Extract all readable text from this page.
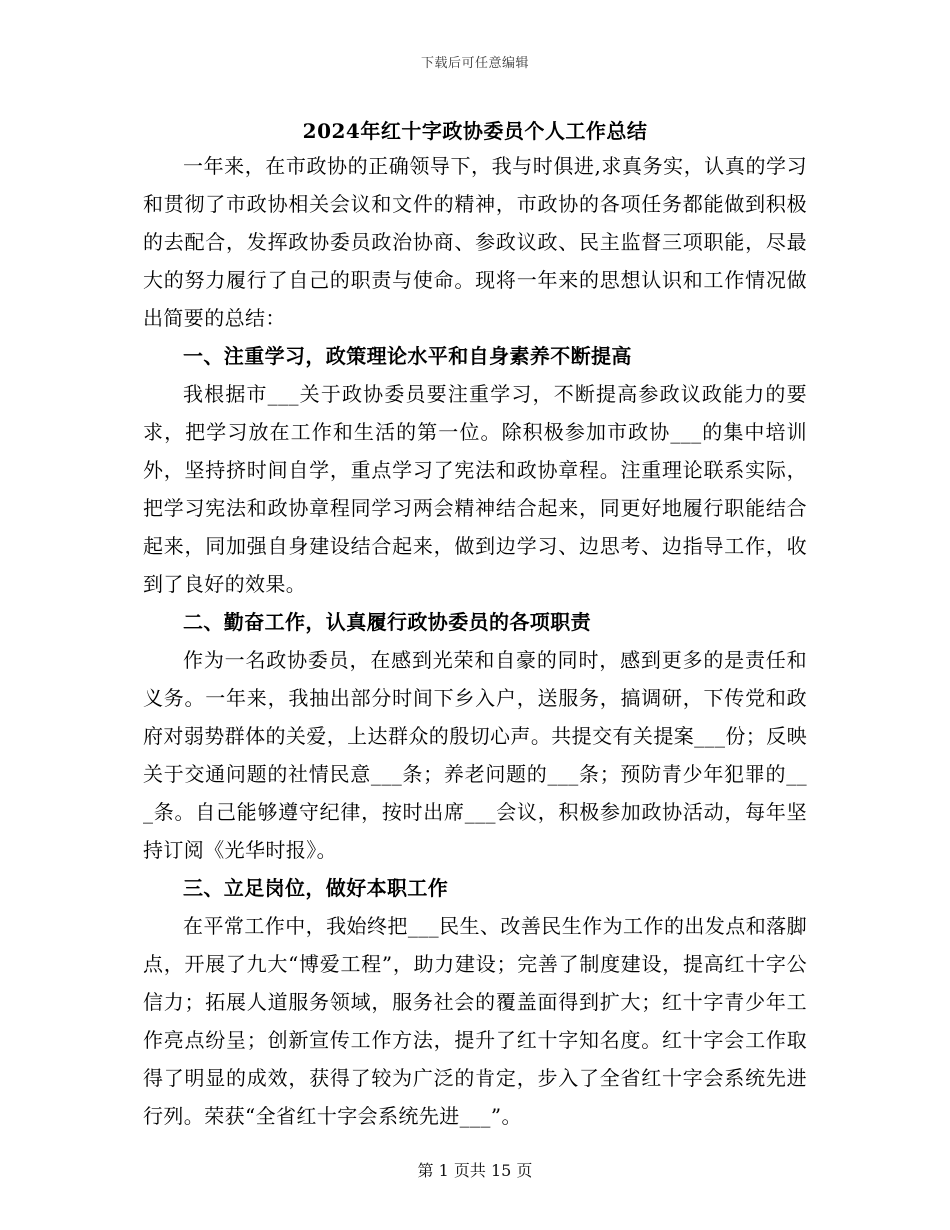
下载后可任意编辑
2024年红十字政协委员个人工作总结

一年来，在市政协的正确领导下，我与时俱进,求真务实，认真的学习和贯彻了市政协相关会议和文件的精神，市政协的各项任务都能做到积极的去配合，发挥政协委员政治协商、参政议政、民主监督三项职能，尽最大的努力履行了自己的职责与使命。现将一年来的思想认识和工作情况做出简要的总结：

一、注重学习，政策理论水平和自身素养不断提高

我根据市___关于政协委员要注重学习，不断提高参政议政能力的要求，把学习放在工作和生活的第一位。除积极参加市政协___的集中培训外，坚持挤时间自学，重点学习了宪法和政协章程。注重理论联系实际，把学习宪法和政协章程同学习两会精神结合起来，同更好地履行职能结合起来，同加强自身建设结合起来，做到边学习、边思考、边指导工作，收到了良好的效果。

二、勤奋工作，认真履行政协委员的各项职责

作为一名政协委员，在感到光荣和自豪的同时，感到更多的是责任和义务。一年来，我抽出部分时间下乡入户，送服务，搞调研，下传党和政府对弱势群体的关爱，上达群众的殷切心声。共提交有关提案___份；反映关于交通问题的社情民意___条；养老问题的___条；预防青少年犯罪的___条。自己能够遵守纪律，按时出席___会议，积极参加政协活动，每年坚持订阅《光华时报》。

三、立足岗位，做好本职工作

在平常工作中，我始终把___民生、改善民生作为工作的出发点和落脚点，开展了九大“博爱工程”，助力建设；完善了制度建设，提高红十字公信力；拓展人道服务领域，服务社会的覆盖面得到扩大；红十字青少年工作亮点纷呈；创新宣传工作方法，提升了红十字知名度。红十字会工作取得了明显的成效，获得了较为广泛的肯定，步入了全省红十字会系统先进行列。荣获“全省红十字会系统先进___”。

第 1 页共 15 页
